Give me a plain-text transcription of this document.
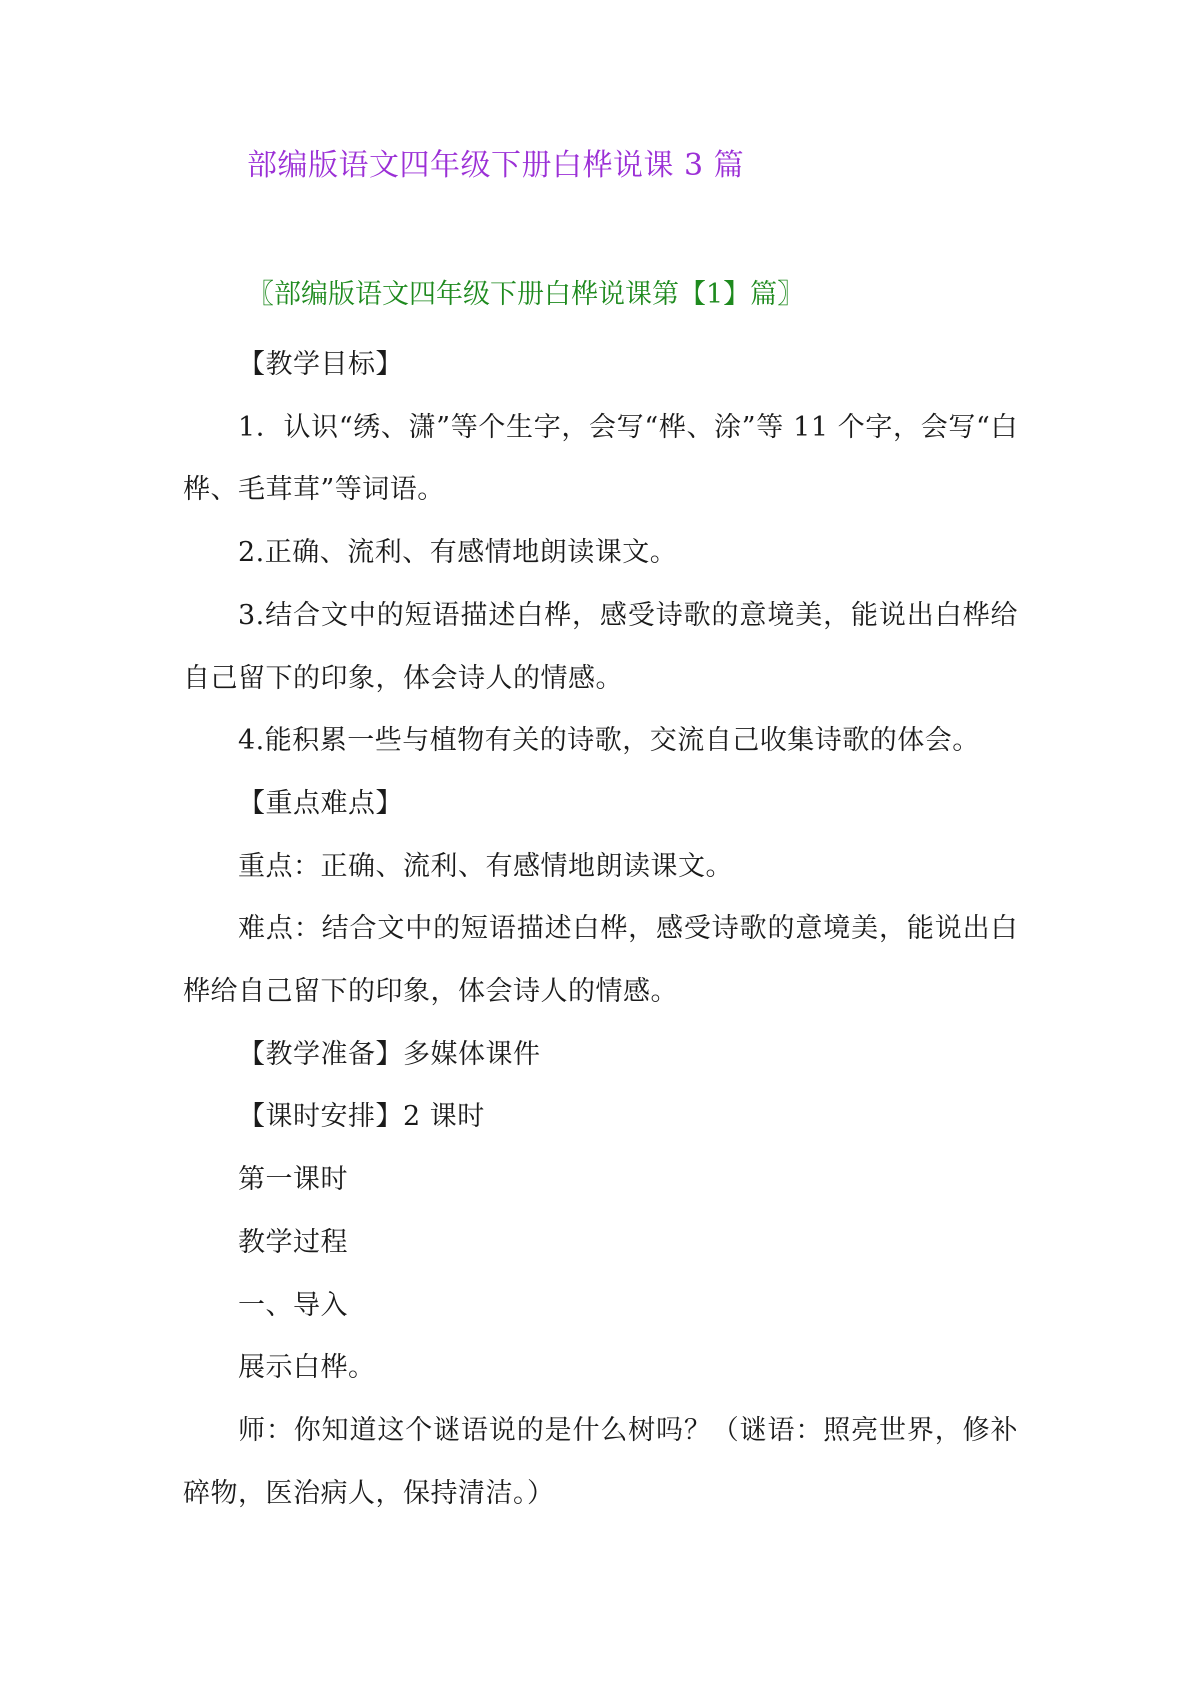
部编版语文四年级下册白桦说课 3 篇
〖部编版语文四年级下册白桦说课第【1】篇〗

【教学目标】

1．认识“绣、潇”等个生字，会写“桦、涂”等 11 个字，会写“白桦、毛茸茸”等词语。

2.正确、流利、有感情地朗读课文。

3.结合文中的短语描述白桦，感受诗歌的意境美，能说出白桦给自己留下的印象，体会诗人的情感。

4.能积累一些与植物有关的诗歌，交流自己收集诗歌的体会。

【重点难点】

重点：正确、流利、有感情地朗读课文。

难点：结合文中的短语描述白桦，感受诗歌的意境美，能说出白桦给自己留下的印象，体会诗人的情感。

【教学准备】多媒体课件

【课时安排】2 课时

第一课时

教学过程

一、导入

展示白桦。

师：你知道这个谜语说的是什么树吗？（谜语：照亮世界，修补碎物，医治病人，保持清洁。）
